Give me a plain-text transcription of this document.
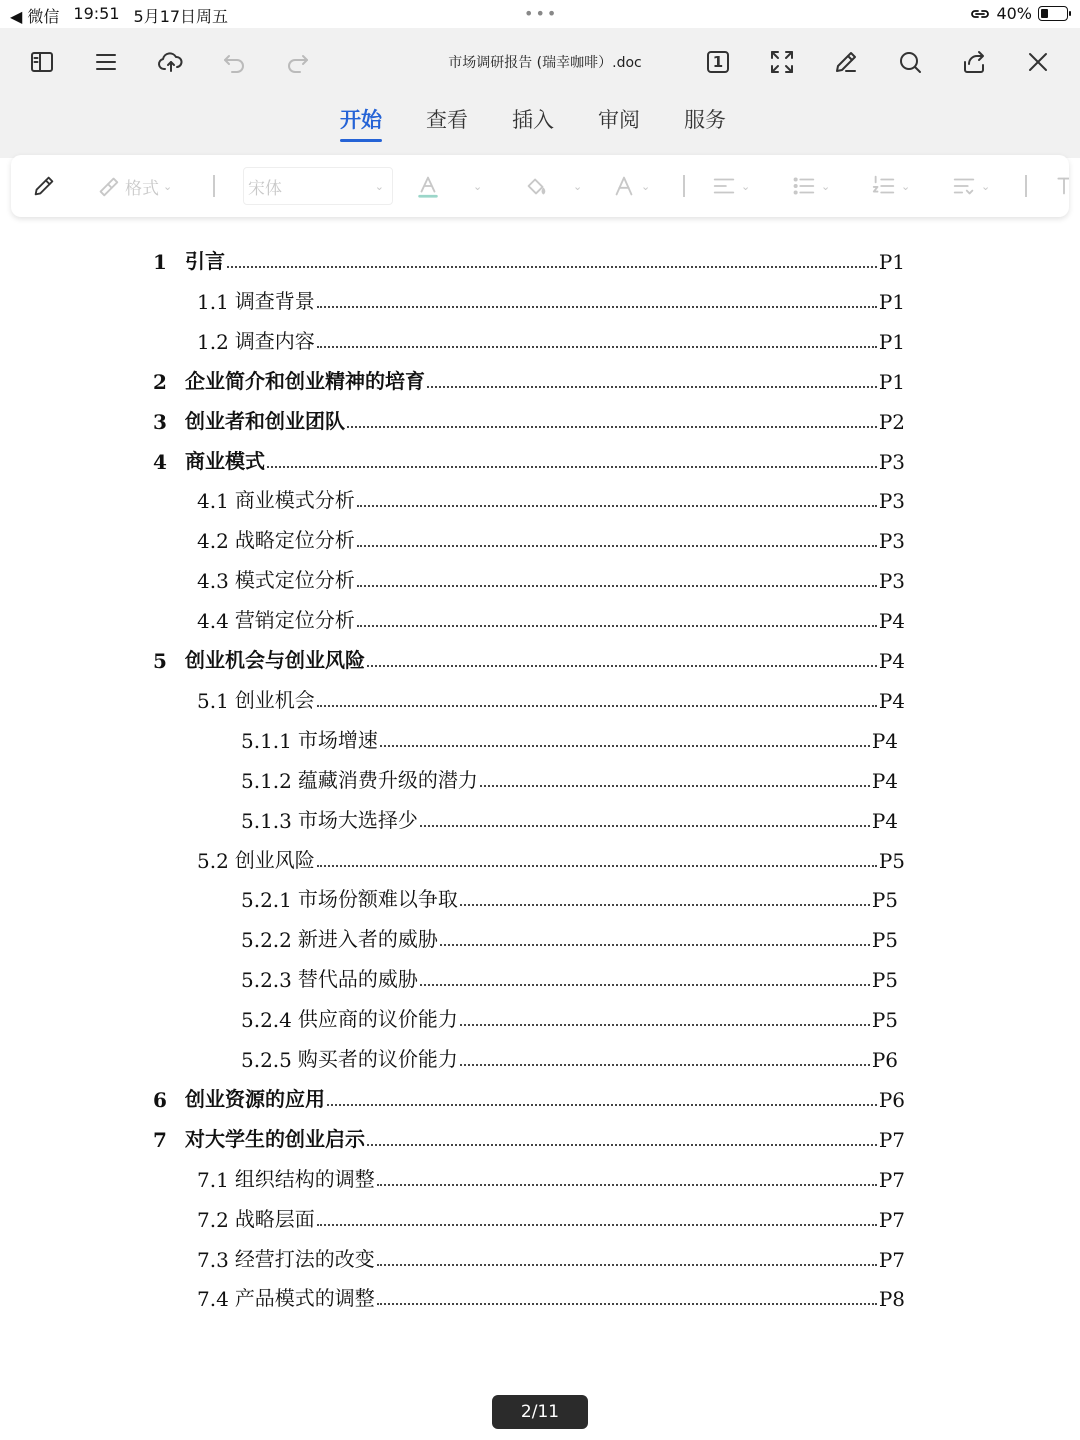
◀ 微信 19:51 5月17日周五	•••	40%
市场调研报告 (瑞幸咖啡）.doc	1
开始 查看 插入 审阅 服务
格式 ⌄	宋体	⌄	⌄	⌄	⌄	⌄	⌄	⌄	⌄
1 引言	P1
1.1 调查背景	P1
1.2 调查内容	P1
2 企业简介和创业精神的培育	P1
3 创业者和创业团队	P2
4 商业模式	P3
4.1 商业模式分析	P3
4.2 战略定位分析	P3
4.3 模式定位分析	P3
4.4 营销定位分析	P4
5 创业机会与创业风险	P4
5.1 创业机会	P4
5.1.1 市场增速	P4
5.1.2 蕴藏消费升级的潜力	P4
5.1.3 市场大选择少	P4
5.2 创业风险	P5
5.2.1 市场份额难以争取	P5
5.2.2 新进入者的威胁	P5
5.2.3 替代品的威胁	P5
5.2.4 供应商的议价能力	P5
5.2.5 购买者的议价能力	P6
6 创业资源的应用	P6
7 对大学生的创业启示	P7
7.1 组织结构的调整	P7
7.2 战略层面	P7
7.3 经营打法的改变	P7
7.4 产品模式的调整	P8
2/11
